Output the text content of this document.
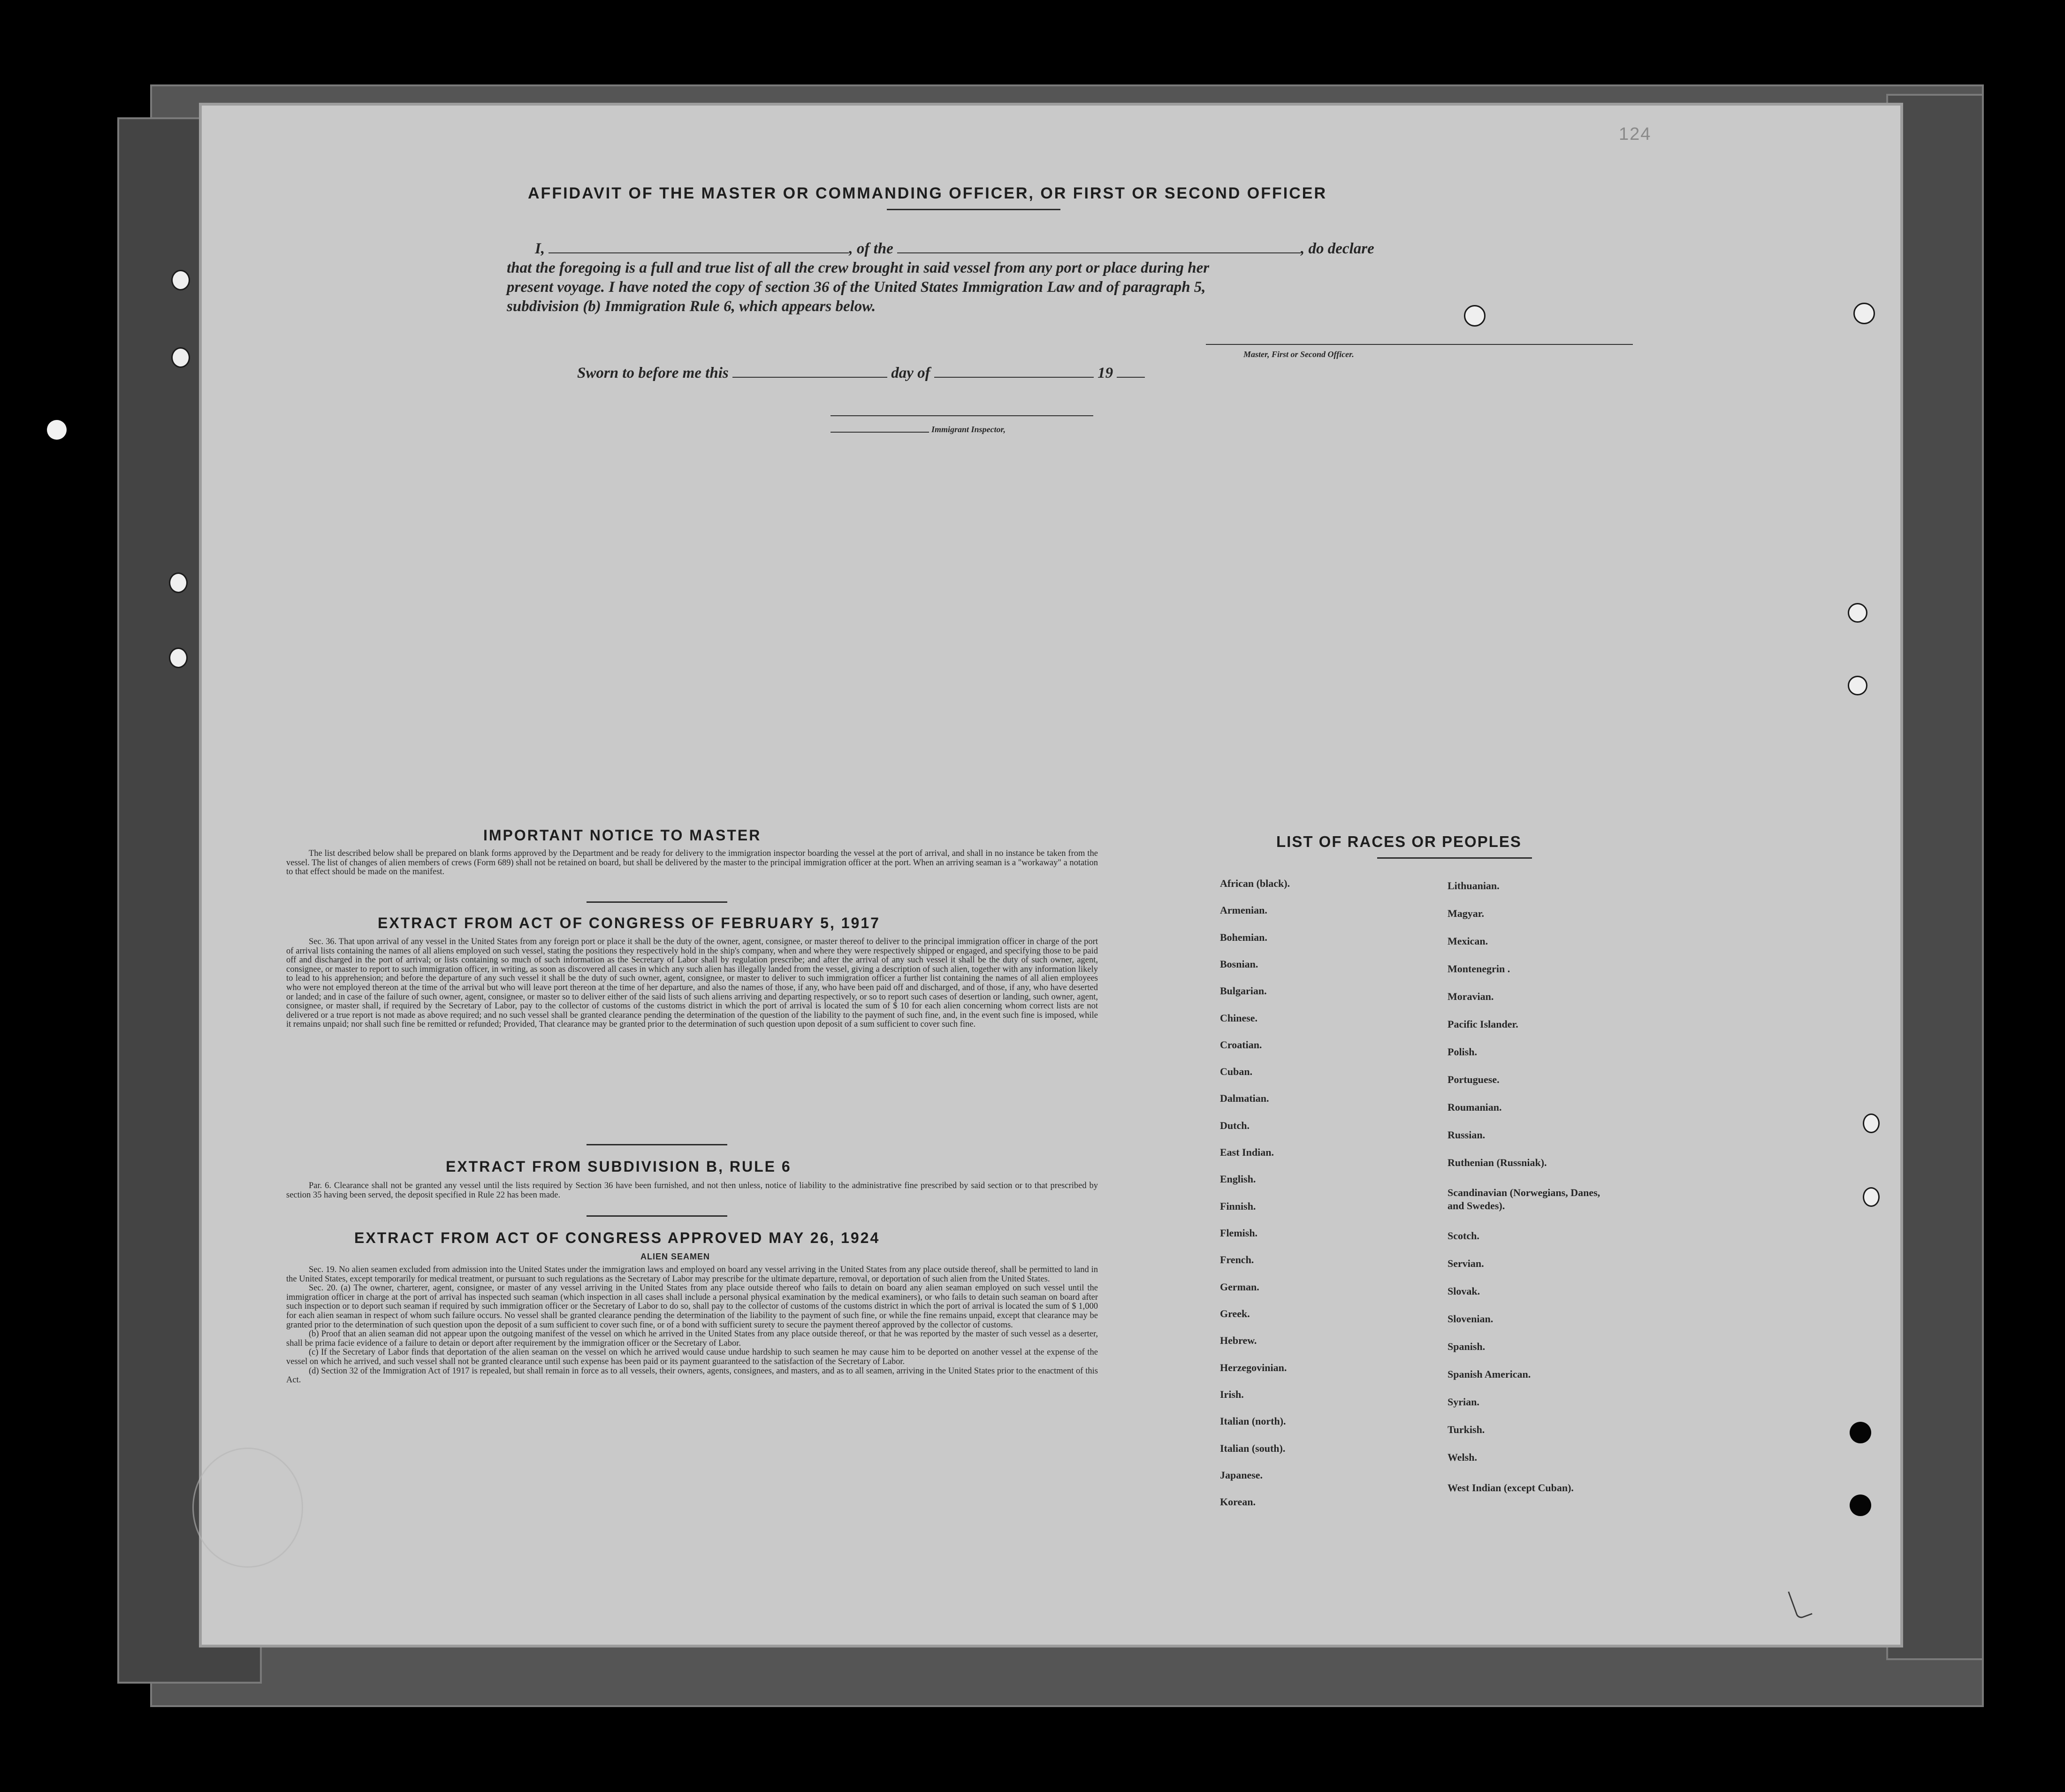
124
AFFIDAVIT OF THE MASTER OR COMMANDING OFFICER, OR FIRST OR SECOND OFFICER
I,	, of the	, do declare
that the foregoing is a full and true list of all the crew brought in said vessel from any port or place during her
present voyage. I have noted the copy of section 36 of the United States Immigration Law and of paragraph 5,
subdivision (b) Immigration Rule 6, which appears below.
Master, First or Second Officer.
Sworn to before me this	day of	19
Immigrant Inspector,
IMPORTANT NOTICE TO MASTER
The list described below shall be prepared on blank forms approved by the Department and be ready for delivery to the immigration inspector boarding the vessel at the port of arrival, and shall in no instance be taken from the vessel. The list of changes of alien members of crews (Form 689) shall not be retained on board, but shall be delivered by the master to the principal immigration officer at the port. When an arriving seaman is a "workaway" a notation to that effect should be made on the manifest.
EXTRACT FROM ACT OF CONGRESS OF FEBRUARY 5, 1917
Sec. 36. That upon arrival of any vessel in the United States from any foreign port or place it shall be the duty of the owner, agent, consignee, or master thereof to deliver to the principal immigration officer in charge of the port of arrival lists containing the names of all aliens employed on such vessel, stating the positions they respectively hold in the ship's company, when and where they were respectively shipped or engaged, and specifying those to be paid off and discharged in the port of arrival; or lists containing so much of such information as the Secretary of Labor shall by regulation prescribe; and after the arrival of any such vessel it shall be the duty of such owner, agent, consignee, or master to report to such immigration officer, in writing, as soon as discovered all cases in which any such alien has illegally landed from the vessel, giving a description of such alien, together with any information likely to lead to his apprehension; and before the departure of any such vessel it shall be the duty of such owner, agent, consignee, or master to deliver to such immigration officer a further list containing the names of all alien employees who were not employed thereon at the time of the arrival but who will leave port thereon at the time of her departure, and also the names of those, if any, who have been paid off and discharged, and of those, if any, who have deserted or landed; and in case of the failure of such owner, agent, consignee, or master so to deliver either of the said lists of such aliens arriving and departing respectively, or so to report such cases of desertion or landing, such owner, agent, consignee, or master shall, if required by the Secretary of Labor, pay to the collector of customs of the customs district in which the port of arrival is located the sum of $ 10 for each alien concerning whom correct lists are not delivered or a true report is not made as above required; and no such vessel shall be granted clearance pending the determination of the question of the liability to the payment of such fine, and, in the event such fine is imposed, while it remains unpaid; nor shall such fine be remitted or refunded; Provided, That clearance may be granted prior to the determination of such question upon deposit of a sum sufficient to cover such fine.
EXTRACT FROM SUBDIVISION B, RULE 6
Par. 6. Clearance shall not be granted any vessel until the lists required by Section 36 have been furnished, and not then unless, notice of liability to the administrative fine prescribed by said section or to that prescribed by section 35 having been served, the deposit specified in Rule 22 has been made.
EXTRACT FROM ACT OF CONGRESS APPROVED MAY 26, 1924
ALIEN SEAMEN
Sec. 19. No alien seamen excluded from admission into the United States under the immigration laws and employed on board any vessel arriving in the United States from any place outside thereof, shall be permitted to land in the United States, except temporarily for medical treatment, or pursuant to such regulations as the Secretary of Labor may prescribe for the ultimate departure, removal, or deportation of such alien from the United States.
Sec. 20. (a) The owner, charterer, agent, consignee, or master of any vessel arriving in the United States from any place outside thereof who fails to detain on board any alien seaman employed on such vessel until the immigration officer in charge at the port of arrival has inspected such seaman (which inspection in all cases shall include a personal physical examination by the medical examiners), or who fails to detain such seaman on board after such inspection or to deport such seaman if required by such immigration officer or the Secretary of Labor to do so, shall pay to the collector of customs of the customs district in which the port of arrival is located the sum of $ 1,000 for each alien seaman in respect of whom such failure occurs. No vessel shall be granted clearance pending the determination of the liability to the payment of such fine, or while the fine remains unpaid, except that clearance may be granted prior to the determination of such question upon the deposit of a sum sufficient to cover such fine, or of a bond with sufficient surety to secure the payment thereof approved by the collector of customs.
(b) Proof that an alien seaman did not appear upon the outgoing manifest of the vessel on which he arrived in the United States from any place outside thereof, or that he was reported by the master of such vessel as a deserter, shall be prima facie evidence of a failure to detain or deport after requirement by the immigration officer or the Secretary of Labor.
(c) If the Secretary of Labor finds that deportation of the alien seaman on the vessel on which he arrived would cause undue hardship to such seamen he may cause him to be deported on another vessel at the expense of the vessel on which he arrived, and such vessel shall not be granted clearance until such expense has been paid or its payment guaranteed to the satisfaction of the Secretary of Labor.
(d) Section 32 of the Immigration Act of 1917 is repealed, but shall remain in force as to all vessels, their owners, agents, consignees, and masters, and as to all seamen, arriving in the United States prior to the enactment of this Act.
LIST OF RACES OR PEOPLES
African (black).
Armenian.
Bohemian.
Bosnian.
Bulgarian.
Chinese.
Croatian.
Cuban.
Dalmatian.
Dutch.
East Indian.
English.
Finnish.
Flemish.
French.
German.
Greek.
Hebrew.
Herzegovinian.
Irish.
Italian (north).
Italian (south).
Japanese.
Korean.
Lithuanian.
Magyar.
Mexican.
Montenegrin .
Moravian.
Pacific Islander.
Polish.
Portuguese.
Roumanian.
Russian.
Ruthenian (Russniak).
Scandinavian (Norwegians, Danes, and Swedes).
Scotch.
Servian.
Slovak.
Slovenian.
Spanish.
Spanish American.
Syrian.
Turkish.
Welsh.
West Indian (except Cuban).
